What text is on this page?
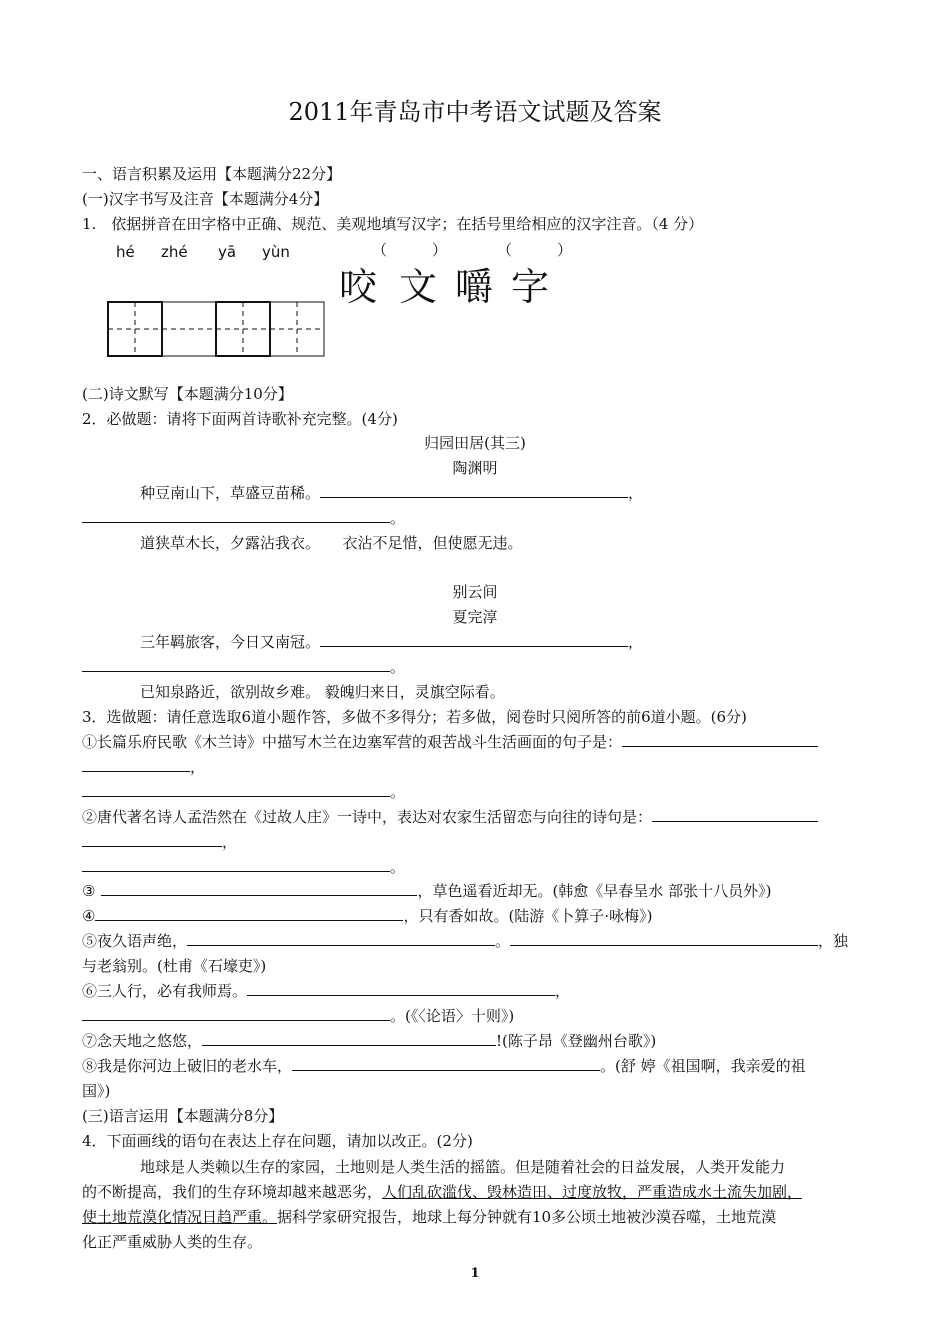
2011年青岛市中考语文试题及答案
一、语言积累及运用【本题满分22分】
(一)汉字书写及注音【本题满分4分】
1.　依据拼音在田字格中正确、规范、美观地填写汉字；在括号里给相应的汉字注音。（4 分）
hé zhé yā yùn	（　　　）	（　　　）
咬 文 嚼 字
(二)诗文默写【本题满分10分】
2．必做题：请将下面两首诗歌补充完整。(4分)
归园田居(其三)
陶渊明
种豆南山下，草盛豆苗稀。	，
。
道狭草木长，夕露沾我衣。　　衣沾不足惜，但使愿无违。
别云间
夏完淳
三年羁旅客，今日又南冠。	，
。
已知泉路近，欲别故乡难。 毅魄归来日，灵旗空际看。
3．选做题：请任意选取6道小题作答，多做不多得分；若多做，阅卷时只阅所答的前6道小题。(6分)
①长篇乐府民歌《木兰诗》中描写木兰在边塞军营的艰苦战斗生活画面的句子是：
，
。
②唐代著名诗人孟浩然在《过故人庄》一诗中，表达对农家生活留恋与向往的诗句是：
，
。
③	，草色遥看近却无。(韩愈《早春呈水 部张十八员外》)
④	，只有香如故。(陆游《卜算子·咏梅》)
⑤夜久语声绝，	。	，独
与老翁别。(杜甫《石壕吏》)
⑥三人行，必有我师焉。	，
。(《〈论语〉十则》)
⑦念天地之悠悠，	!(陈子昂《登幽州台歌》)
⑧我是你河边上破旧的老水车，	。(舒 婷《祖国啊，我亲爱的祖
国》)
(三)语言运用【本题满分8分】
4．下面画线的语句在表达上存在问题，请加以改正。(2分)
地球是人类赖以生存的家园，土地则是人类生活的摇篮。但是随着社会的日益发展，人类开发能力
的不断提高，我们的生存环境却越来越恶劣，人们乱砍滥伐、毁林造田、过度放牧，严重造成水土流失加剧，
使土地荒漠化情况日趋严重。据科学家研究报告，地球上每分钟就有10多公顷土地被沙漠吞噬，土地荒漠
化正严重威胁人类的生存。
1
